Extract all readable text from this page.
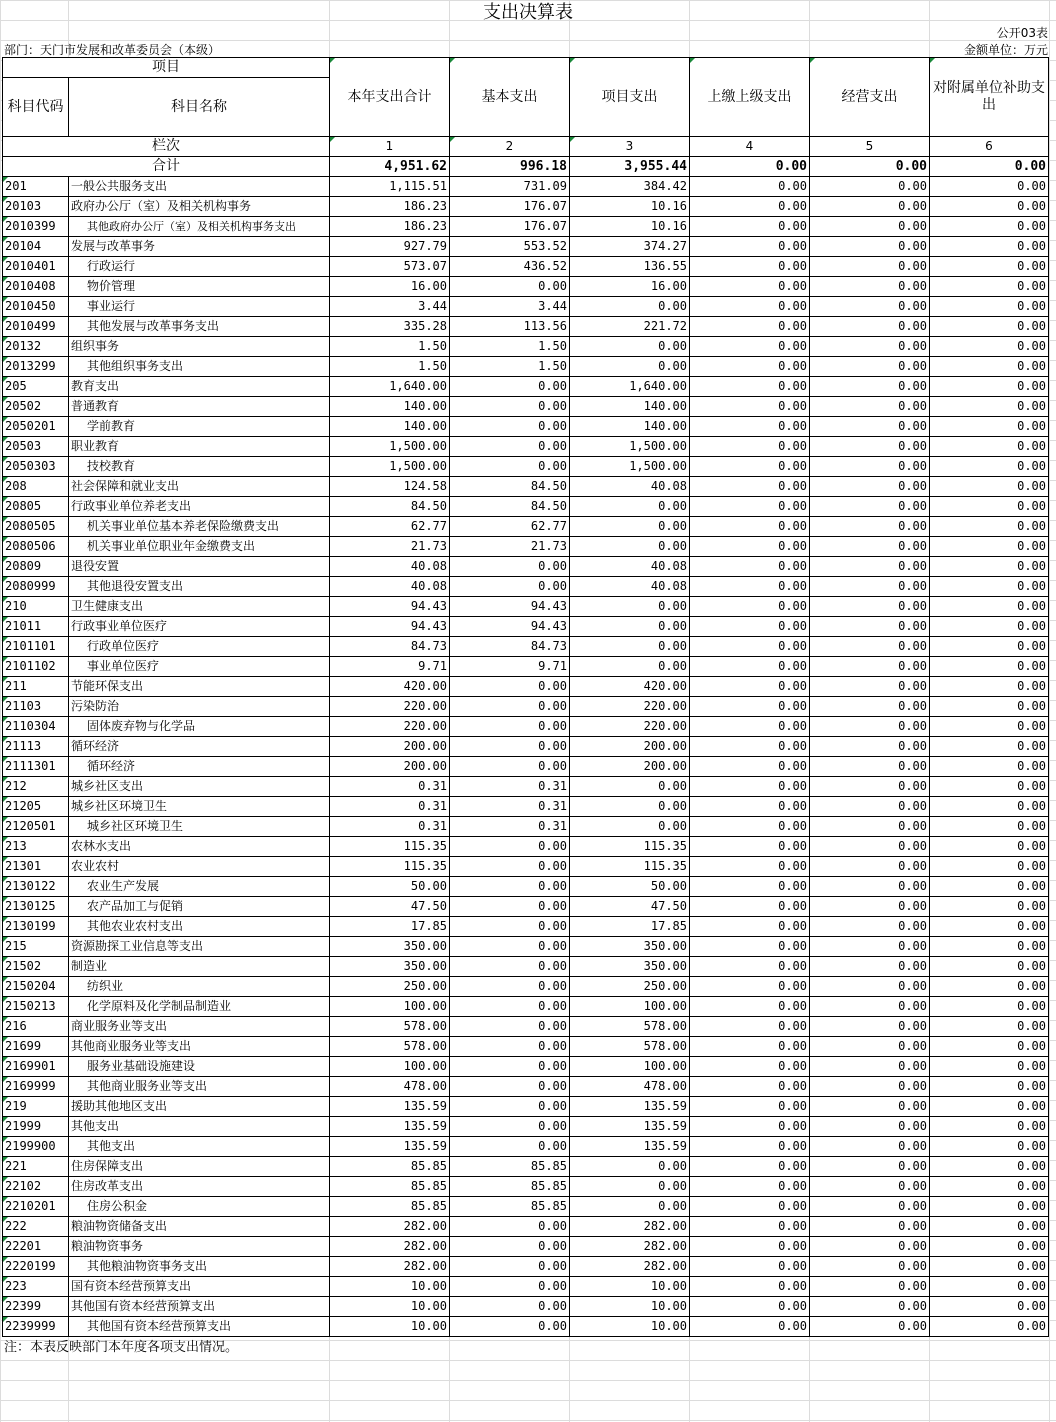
支出决算表
公开03表
部门：天门市发展和改革委员会（本级）	金额单位：万元
项目		本年支出合计	基本支出	项目支出	上缴上级支出	经营支出	对附属单位补助支出
科目代码	科目名称						
栏次		1	2	3	4	5	6
合计		4,951.62	996.18	3,955.44	0.00	0.00	0.00
201	一般公共服务支出	1,115.51	731.09	384.42	0.00	0.00	0.00
20103	政府办公厅（室）及相关机构事务	186.23	176.07	10.16	0.00	0.00	0.00
2010399	其他政府办公厅（室）及相关机构事务支出	186.23	176.07	10.16	0.00	0.00	0.00
20104	发展与改革事务	927.79	553.52	374.27	0.00	0.00	0.00
2010401	行政运行	573.07	436.52	136.55	0.00	0.00	0.00
2010408	物价管理	16.00	0.00	16.00	0.00	0.00	0.00
2010450	事业运行	3.44	3.44	0.00	0.00	0.00	0.00
2010499	其他发展与改革事务支出	335.28	113.56	221.72	0.00	0.00	0.00
20132	组织事务	1.50	1.50	0.00	0.00	0.00	0.00
2013299	其他组织事务支出	1.50	1.50	0.00	0.00	0.00	0.00
205	教育支出	1,640.00	0.00	1,640.00	0.00	0.00	0.00
20502	普通教育	140.00	0.00	140.00	0.00	0.00	0.00
2050201	学前教育	140.00	0.00	140.00	0.00	0.00	0.00
20503	职业教育	1,500.00	0.00	1,500.00	0.00	0.00	0.00
2050303	技校教育	1,500.00	0.00	1,500.00	0.00	0.00	0.00
208	社会保障和就业支出	124.58	84.50	40.08	0.00	0.00	0.00
20805	行政事业单位养老支出	84.50	84.50	0.00	0.00	0.00	0.00
2080505	机关事业单位基本养老保险缴费支出	62.77	62.77	0.00	0.00	0.00	0.00
2080506	机关事业单位职业年金缴费支出	21.73	21.73	0.00	0.00	0.00	0.00
20809	退役安置	40.08	0.00	40.08	0.00	0.00	0.00
2080999	其他退役安置支出	40.08	0.00	40.08	0.00	0.00	0.00
210	卫生健康支出	94.43	94.43	0.00	0.00	0.00	0.00
21011	行政事业单位医疗	94.43	94.43	0.00	0.00	0.00	0.00
2101101	行政单位医疗	84.73	84.73	0.00	0.00	0.00	0.00
2101102	事业单位医疗	9.71	9.71	0.00	0.00	0.00	0.00
211	节能环保支出	420.00	0.00	420.00	0.00	0.00	0.00
21103	污染防治	220.00	0.00	220.00	0.00	0.00	0.00
2110304	固体废弃物与化学品	220.00	0.00	220.00	0.00	0.00	0.00
21113	循环经济	200.00	0.00	200.00	0.00	0.00	0.00
2111301	循环经济	200.00	0.00	200.00	0.00	0.00	0.00
212	城乡社区支出	0.31	0.31	0.00	0.00	0.00	0.00
21205	城乡社区环境卫生	0.31	0.31	0.00	0.00	0.00	0.00
2120501	城乡社区环境卫生	0.31	0.31	0.00	0.00	0.00	0.00
213	农林水支出	115.35	0.00	115.35	0.00	0.00	0.00
21301	农业农村	115.35	0.00	115.35	0.00	0.00	0.00
2130122	农业生产发展	50.00	0.00	50.00	0.00	0.00	0.00
2130125	农产品加工与促销	47.50	0.00	47.50	0.00	0.00	0.00
2130199	其他农业农村支出	17.85	0.00	17.85	0.00	0.00	0.00
215	资源勘探工业信息等支出	350.00	0.00	350.00	0.00	0.00	0.00
21502	制造业	350.00	0.00	350.00	0.00	0.00	0.00
2150204	纺织业	250.00	0.00	250.00	0.00	0.00	0.00
2150213	化学原料及化学制品制造业	100.00	0.00	100.00	0.00	0.00	0.00
216	商业服务业等支出	578.00	0.00	578.00	0.00	0.00	0.00
21699	其他商业服务业等支出	578.00	0.00	578.00	0.00	0.00	0.00
2169901	服务业基础设施建设	100.00	0.00	100.00	0.00	0.00	0.00
2169999	其他商业服务业等支出	478.00	0.00	478.00	0.00	0.00	0.00
219	援助其他地区支出	135.59	0.00	135.59	0.00	0.00	0.00
21999	其他支出	135.59	0.00	135.59	0.00	0.00	0.00
2199900	其他支出	135.59	0.00	135.59	0.00	0.00	0.00
221	住房保障支出	85.85	85.85	0.00	0.00	0.00	0.00
22102	住房改革支出	85.85	85.85	0.00	0.00	0.00	0.00
2210201	住房公积金	85.85	85.85	0.00	0.00	0.00	0.00
222	粮油物资储备支出	282.00	0.00	282.00	0.00	0.00	0.00
22201	粮油物资事务	282.00	0.00	282.00	0.00	0.00	0.00
2220199	其他粮油物资事务支出	282.00	0.00	282.00	0.00	0.00	0.00
223	国有资本经营预算支出	10.00	0.00	10.00	0.00	0.00	0.00
22399	其他国有资本经营预算支出	10.00	0.00	10.00	0.00	0.00	0.00
2239999	其他国有资本经营预算支出	10.00	0.00	10.00	0.00	0.00	0.00
注：本表反映部门本年度各项支出情况。
